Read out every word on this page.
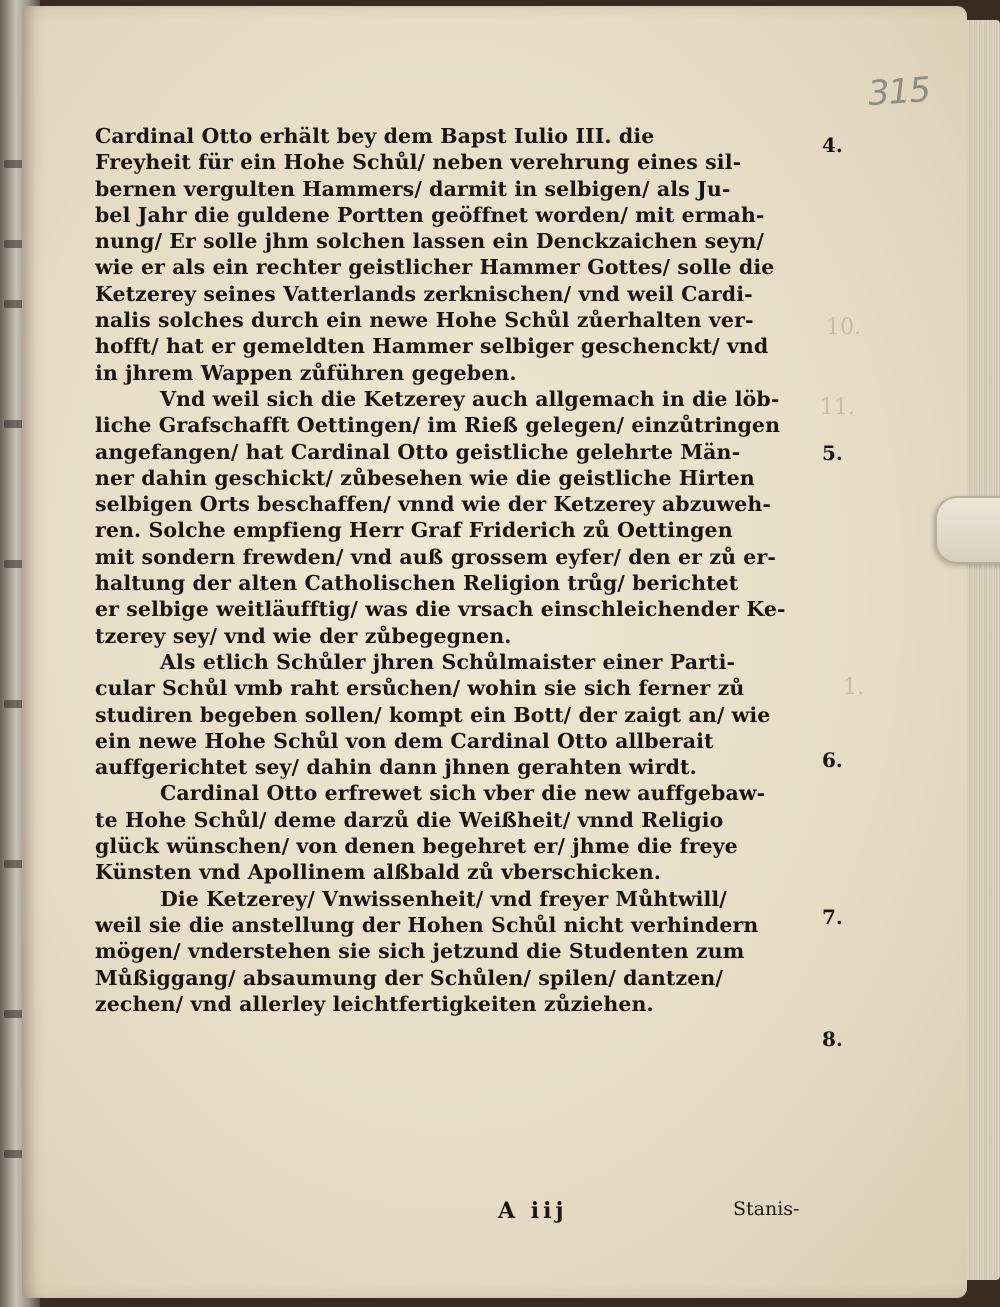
11.
1.
10.
315
Cardinal Otto erhält bey dem Bapst Iulio III. die
Freyheit für ein Hohe Schůl/ neben verehrung eines sil-
bernen vergulten Hammers/ darmit in selbigen/ als Ju-
bel Jahr die guldene Portten geöffnet worden/ mit ermah-
nung/ Er solle jhm solchen lassen ein Denckzaichen seyn/
wie er als ein rechter geistlicher Hammer Gottes/ solle die
Ketzerey seines Vatterlands zerknischen/ vnd weil Cardi-
nalis solches durch ein newe Hohe Schůl zůerhalten ver-
hofft/ hat er gemeldten Hammer selbiger geschenckt/ vnd
in jhrem Wappen zůführen gegeben.
Vnd weil sich die Ketzerey auch allgemach in die löb-
liche Grafschafft Oettingen/ im Rieß gelegen/ einzůtringen
angefangen/ hat Cardinal Otto geistliche gelehrte Män-
ner dahin geschickt/ zůbesehen wie die geistliche Hirten
selbigen Orts beschaffen/ vnnd wie der Ketzerey abzuweh-
ren. Solche empfieng Herr Graf Friderich zů Oettingen
mit sondern frewden/ vnd auß grossem eyfer/ den er zů er-
haltung der alten Catholischen Religion trůg/ berichtet
er selbige weitläufftig/ was die vrsach einschleichender Ke-
tzerey sey/ vnd wie der zůbegegnen.
Als etlich Schůler jhren Schůlmaister einer Parti-
cular Schůl vmb raht ersůchen/ wohin sie sich ferner zů
studiren begeben sollen/ kompt ein Bott/ der zaigt an/ wie
ein newe Hohe Schůl von dem Cardinal Otto allberait
auffgerichtet sey/ dahin dann jhnen gerahten wirdt.
Cardinal Otto erfrewet sich vber die new auffgebaw-
te Hohe Schůl/ deme darzů die Weißheit/ vnnd Religio
glück wünschen/ von denen begehret er/ jhme die freye
Künsten vnd Apollinem alßbald zů vberschicken.
Die Ketzerey/ Vnwissenheit/ vnd freyer Můhtwill/
weil sie die anstellung der Hohen Schůl nicht verhindern
mögen/ vnderstehen sie sich jetzund die Studenten zum
Můßiggang/ absaumung der Schůlen/ spilen/ dantzen/
zechen/ vnd allerley leichtfertigkeiten zůziehen.
4.
5.
6.
7.
8.
A iij	Stanis-
